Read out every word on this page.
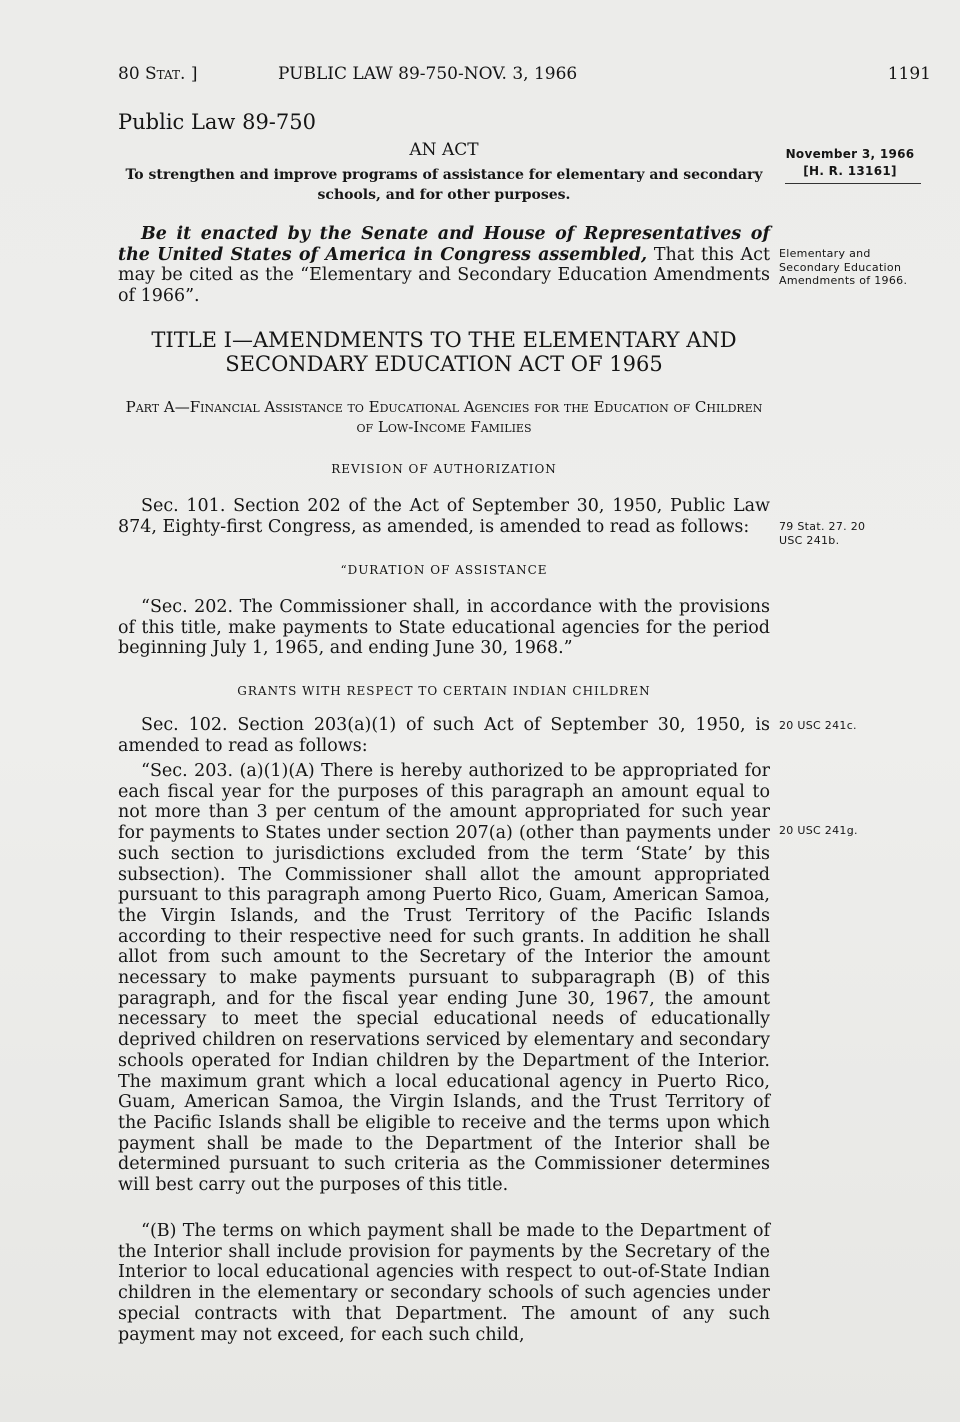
80 Stat. ]	PUBLIC LAW 89-750-NOV. 3, 1966	1191
Public Law 89-750
AN ACT
To strengthen and improve programs of assistance for elementary and secondary schools, and for other purposes.
November 3, 1966
[H. R. 13161]

Be it enacted by the Senate and House of Representatives of the United States of America in Congress assembled, That this Act may be cited as the “Elementary and Secondary Education Amendments of 1966”.

Elementary and Secondary Education Amendments of 1966.
TITLE I—AMENDMENTS TO THE ELEMENTARY AND SECONDARY EDUCATION ACT OF 1965
Part A—Financial Assistance to Educational Agencies for the Education of Children of Low-Income Families
REVISION OF AUTHORIZATION

Sec. 101. Section 202 of the Act of September 30, 1950, Public Law 874, Eighty-first Congress, as amended, is amended to read as follows:	79 Stat. 27. 20 USC 241b.
“DURATION OF ASSISTANCE

“Sec. 202. The Commissioner shall, in accordance with the provisions of this title, make payments to State educational agencies for the period beginning July 1, 1965, and ending June 30, 1968.”

GRANTS WITH RESPECT TO CERTAIN INDIAN CHILDREN

Sec. 102. Section 203(a)(1) of such Act of September 30, 1950, is amended to read as follows:

20 USC 241c.

“Sec. 203. (a)(1)(A) There is hereby authorized to be appropriated for each fiscal year for the purposes of this paragraph an amount equal to not more than 3 per centum of the amount appropriated for such year for payments to States under section 207(a) (other than payments under such section to jurisdictions excluded from the term ‘State’ by this subsection). The Commissioner shall allot the amount appropriated pursuant to this paragraph among Puerto Rico, Guam, American Samoa, the Virgin Islands, and the Trust Territory of the Pacific Islands according to their respective need for such grants. In addition he shall allot from such amount to the Secretary of the Interior the amount necessary to make payments pursuant to subparagraph (B) of this paragraph, and for the fiscal year ending June 30, 1967, the amount necessary to meet the special educational needs of educationally deprived children on reservations serviced by elementary and secondary schools operated for Indian children by the Department of the Interior. The maximum grant which a local educational agency in Puerto Rico, Guam, American Samoa, the Virgin Islands, and the Trust Territory of the Pacific Islands shall be eligible to receive and the terms upon which payment shall be made to the Department of the Interior shall be determined pursuant to such criteria as the Commissioner determines will best carry out the purposes of this title.

20 USC 241g.

“(B) The terms on which payment shall be made to the Department of the Interior shall include provision for payments by the Secretary of the Interior to local educational agencies with respect to out-of-State Indian children in the elementary or secondary schools of such agencies under special contracts with that Department. The amount of any such payment may not exceed, for each such child,
